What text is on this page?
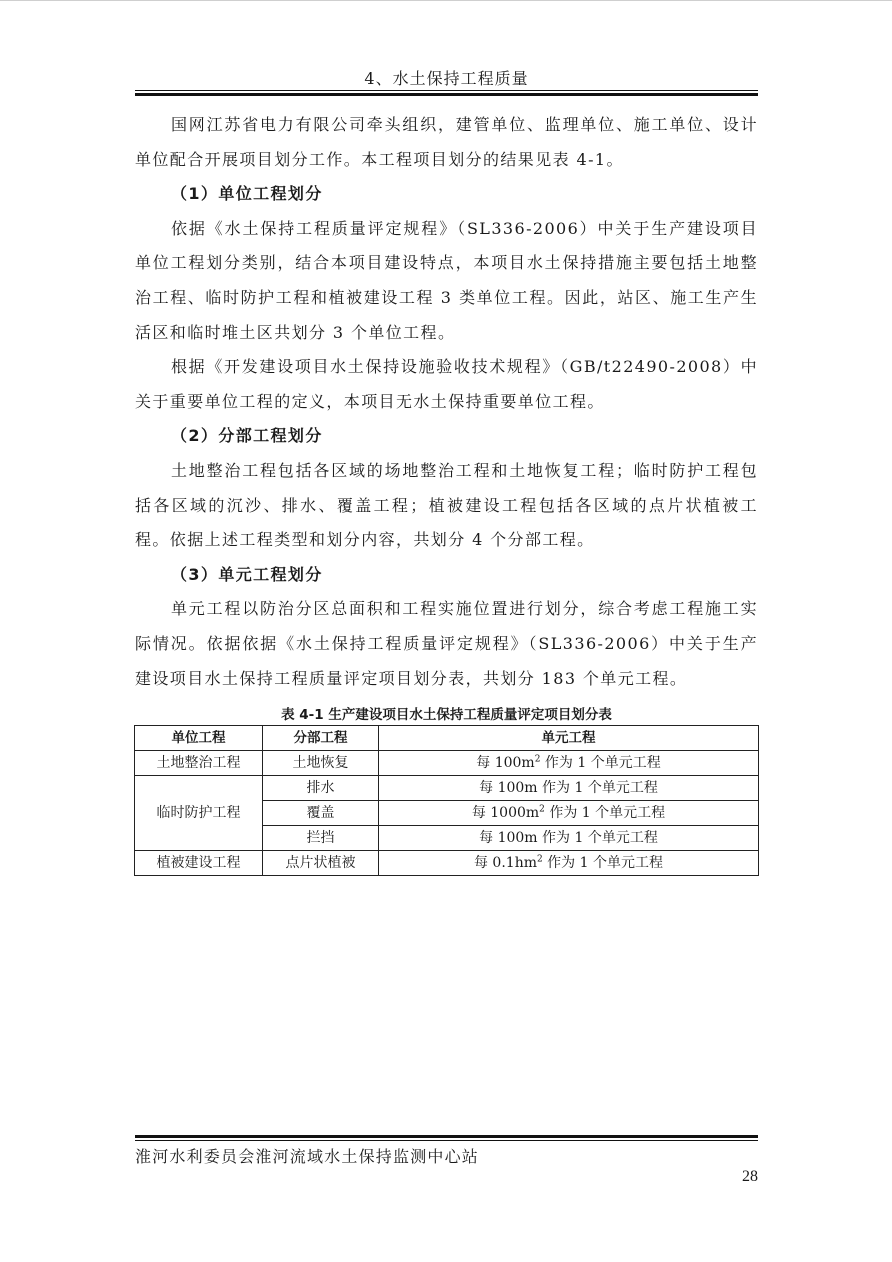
4、水土保持工程质量

国网江苏省电力有限公司牵头组织，建管单位、监理单位、施工单位、设计单位配合开展项目划分工作。本工程项目划分的结果见表 4-1。

（1）单位工程划分

依据《水土保持工程质量评定规程》（SL336-2006）中关于生产建设项目单位工程划分类别，结合本项目建设特点，本项目水土保持措施主要包括土地整治工程、临时防护工程和植被建设工程 3 类单位工程。因此，站区、施工生产生活区和临时堆土区共划分 3 个单位工程。

根据《开发建设项目水土保持设施验收技术规程》（GB/t22490-2008）中关于重要单位工程的定义，本项目无水土保持重要单位工程。

（2）分部工程划分

土地整治工程包括各区域的场地整治工程和土地恢复工程；临时防护工程包括各区域的沉沙、排水、覆盖工程；植被建设工程包括各区域的点片状植被工程。依据上述工程类型和划分内容，共划分 4 个分部工程。

（3）单元工程划分

单元工程以防治分区总面积和工程实施位置进行划分，综合考虑工程施工实际情况。依据依据《水土保持工程质量评定规程》（SL336-2006）中关于生产建设项目水土保持工程质量评定项目划分表，共划分 183 个单元工程。

表 4-1 生产建设项目水土保持工程质量评定项目划分表
单位工程	分部工程	单元工程
土地整治工程	土地恢复	每 $100m^2$ 作为 1 个单元工程
临时防护工程	排水	每 100m 作为 1 个单元工程
	覆盖	每 $1000m^2$ 作为 1 个单元工程
	拦挡	每 100m 作为 1 个单元工程
植被建设工程	点片状植被	每 $0.1hm^2$ 作为 1 个单元工程
淮河水利委员会淮河流域水土保持监测中心站
28
